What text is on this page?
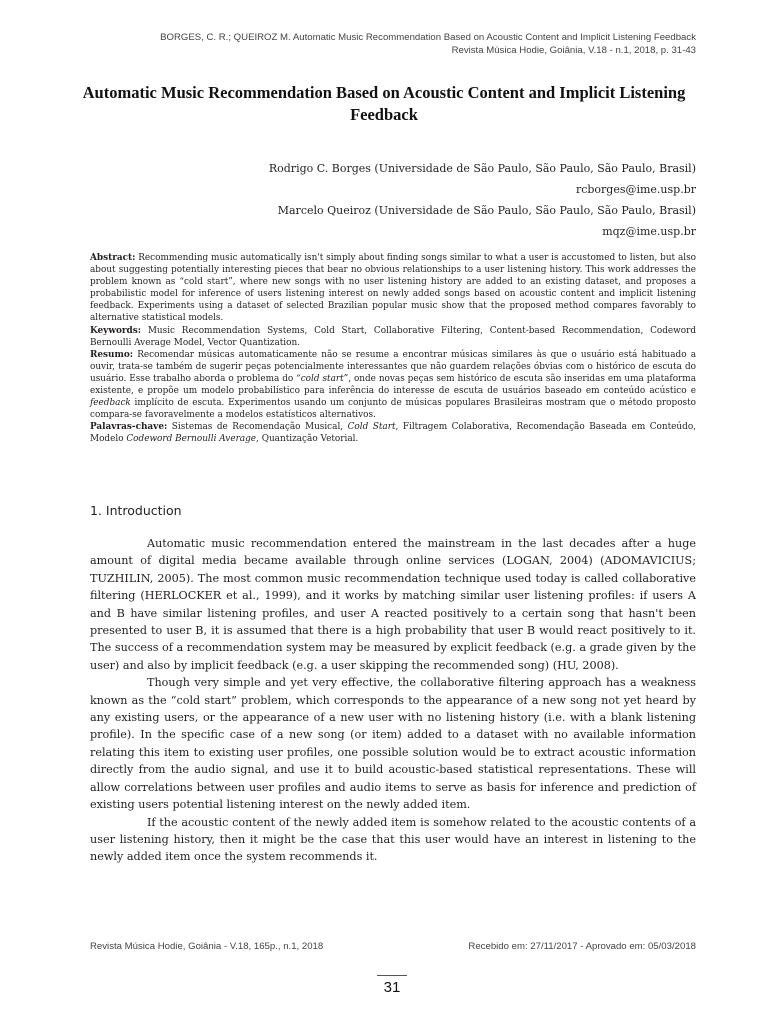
BORGES, C. R.; QUEIROZ M. Automatic Music Recommendation Based on Acoustic Content and Implicit Listening Feedback
Revista Música Hodie, Goiânia, V.18 - n.1, 2018, p. 31-43
Automatic Music Recommendation Based on Acoustic Content and Implicit Listening Feedback
Rodrigo C. Borges (Universidade de São Paulo, São Paulo, São Paulo, Brasil)
rcborges@ime.usp.br
Marcelo Queiroz (Universidade de São Paulo, São Paulo, São Paulo, Brasil)
mqz@ime.usp.br

Abstract: Recommending music automatically isn't simply about finding songs similar to what a user is accustomed to listen, but also about suggesting potentially interesting pieces that bear no obvious relationships to a user listening history. This work addresses the problem known as “cold start”, where new songs with no user listening history are added to an existing dataset, and proposes a probabilistic model for inference of users listening interest on newly added songs based on acoustic content and implicit listening feedback. Experiments using a dataset of selected Brazilian popular music show that the proposed method compares favorably to alternative statistical models.

Keywords: Music Recommendation Systems, Cold Start, Collaborative Filtering, Content-based Recommendation, Codeword Bernoulli Average Model, Vector Quantization.

Resumo: Recomendar músicas automaticamente não se resume a encontrar músicas similares às que o usuário está habituado a ouvir, trata-se também de sugerir peças potencialmente interessantes que não guardem relações óbvias com o histórico de escuta do usuário. Esse trabalho aborda o problema do “cold start”, onde novas peças sem histórico de escuta são inseridas em uma plataforma existente, e propõe um modelo probabilístico para inferência do interesse de escuta de usuários baseado em conteúdo acústico e feedback implícito de escuta. Experimentos usando um conjunto de músicas populares Brasileiras mostram que o método proposto compara-se favoravelmente a modelos estatísticos alternativos.

Palavras-chave: Sistemas de Recomendação Musical, Cold Start, Filtragem Colaborativa, Recomendação Baseada em Conteúdo, Modelo Codeword Bernoulli Average, Quantização Vetorial.

1. Introduction

Automatic music recommendation entered the mainstream in the last decades after a huge amount of digital media became available through online services (LOGAN, 2004) (ADOMAVICIUS; TUZHILIN, 2005). The most common music recommendation technique used today is called collaborative filtering (HERLOCKER et al., 1999), and it works by matching similar user listening profiles: if users A and B have similar listening profiles, and user A reacted positively to a certain song that hasn't been presented to user B, it is assumed that there is a high probability that user B would react positively to it. The success of a recommendation system may be measured by explicit feedback (e.g. a grade given by the user) and also by implicit feedback (e.g. a user skipping the recommended song) (HU, 2008).

Though very simple and yet very effective, the collaborative filtering approach has a weakness known as the “cold start” problem, which corresponds to the appearance of a new song not yet heard by any existing users, or the appearance of a new user with no listening history (i.e. with a blank listening profile). In the specific case of a new song (or item) added to a dataset with no available information relating this item to existing user profiles, one possible solution would be to extract acoustic information directly from the audio signal, and use it to build acoustic-based statistical representations. These will allow correlations between user profiles and audio items to serve as basis for inference and prediction of existing users potential listening interest on the newly added item.

If the acoustic content of the newly added item is somehow related to the acoustic contents of a user listening history, then it might be the case that this user would have an interest in listening to the newly added item once the system recommends it.

Revista Música Hodie, Goiânia - V.18, 165p., n.1, 2018	Recebido em: 27/11/2017 - Aprovado em: 05/03/2018
31
